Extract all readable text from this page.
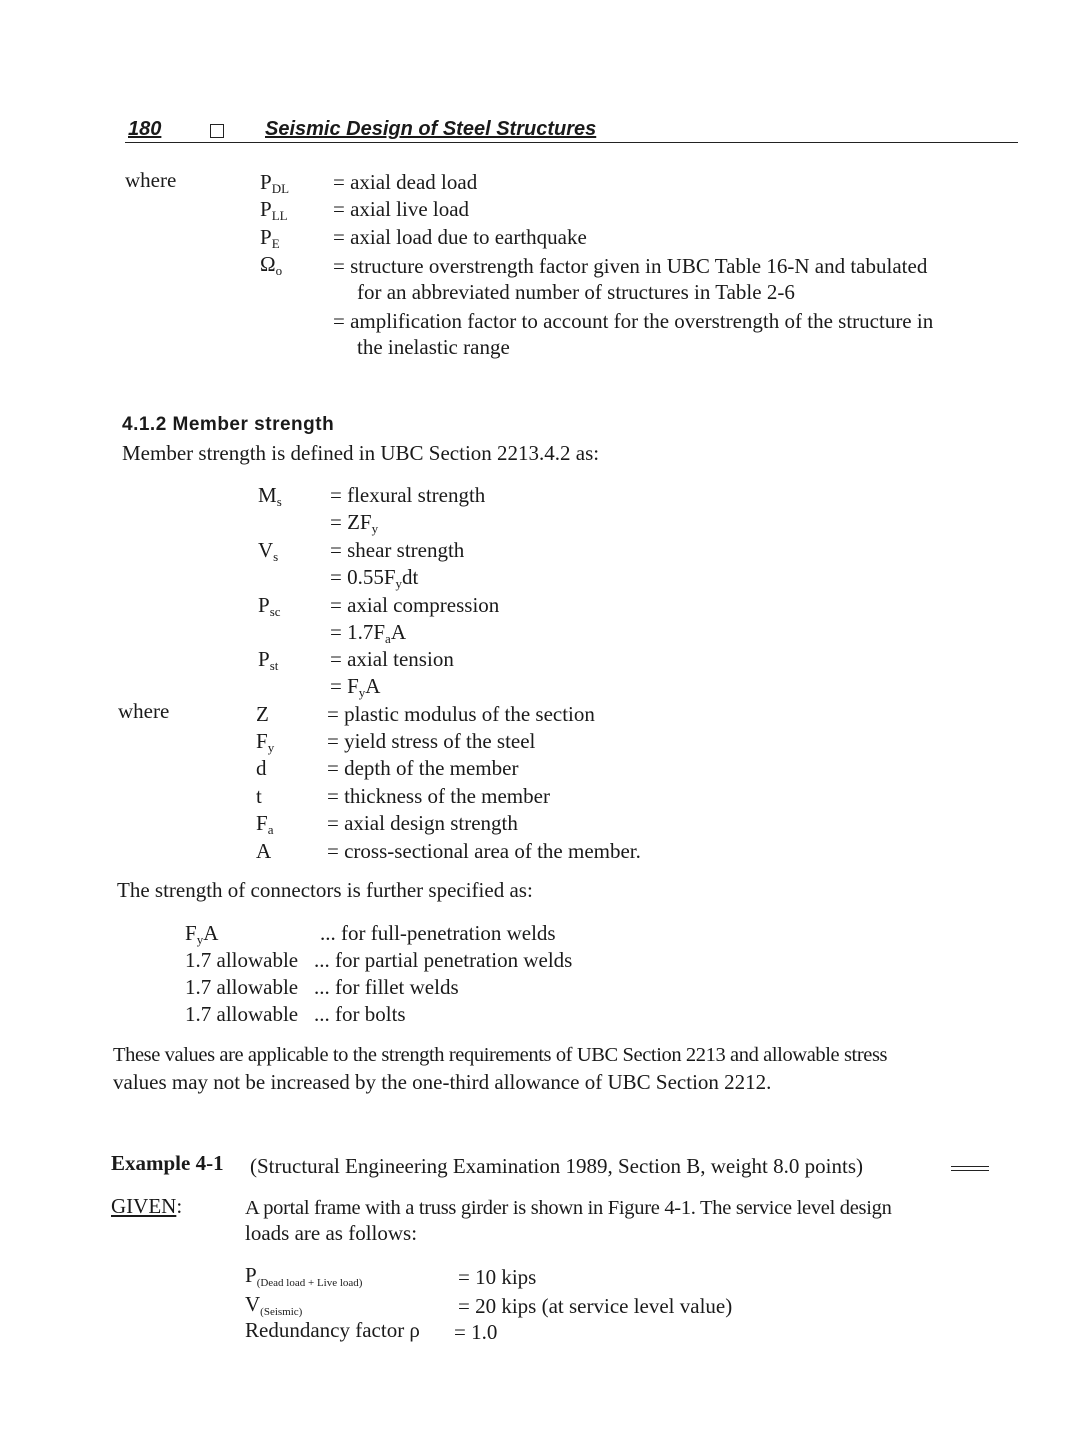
180	Seismic Design of Steel Structures
where	$P_{DL}$ = axial dead load
$P_{LL}$ = axial live load
$P_E$	= axial load due to earthquake
$\Omega_o$ = structure overstrength factor given in UBC Table 16-N and tabulated
for an abbreviated number of structures in Table 2-6
= amplification factor to account for the overstrength of the structure in
the inelastic range
4.1.2 Member strength
Member strength is defined in UBC Section 2213.4.2 as:
$M_s$ = flexural strength
= $ZF_y$
$V_s$ = shear strength
= $0.55F_ydt$
$P_{sc}$ = axial compression
= $1.7F_aA$
$P_{st}$ = axial tension
= $F_yA$
where	Z	= plastic modulus of the section
$F_y$	= yield stress of the steel
d	= depth of the member
t	= thickness of the member
$F_a$	= axial design strength
A	= cross-sectional area of the member.
The strength of connectors is further specified as:
$F_yA$	... for full-penetration welds
1.7 allowable ... for partial penetration welds
1.7 allowable ... for fillet welds
1.7 allowable ... for bolts
These values are applicable to the strength requirements of UBC Section 2213 and allowable stress
values may not be increased by the one-third allowance of UBC Section 2212.
Example 4-1 (Structural Engineering Examination 1989, Section B, weight 8.0 points)
GIVEN:	A portal frame with a truss girder is shown in Figure 4-1. The service level design
loads are as follows:
P(Dead load + Live load)	= 10 kips
V(Seismic)	= 20 kips (at service level value)
Redundancy factor ρ = 1.0
